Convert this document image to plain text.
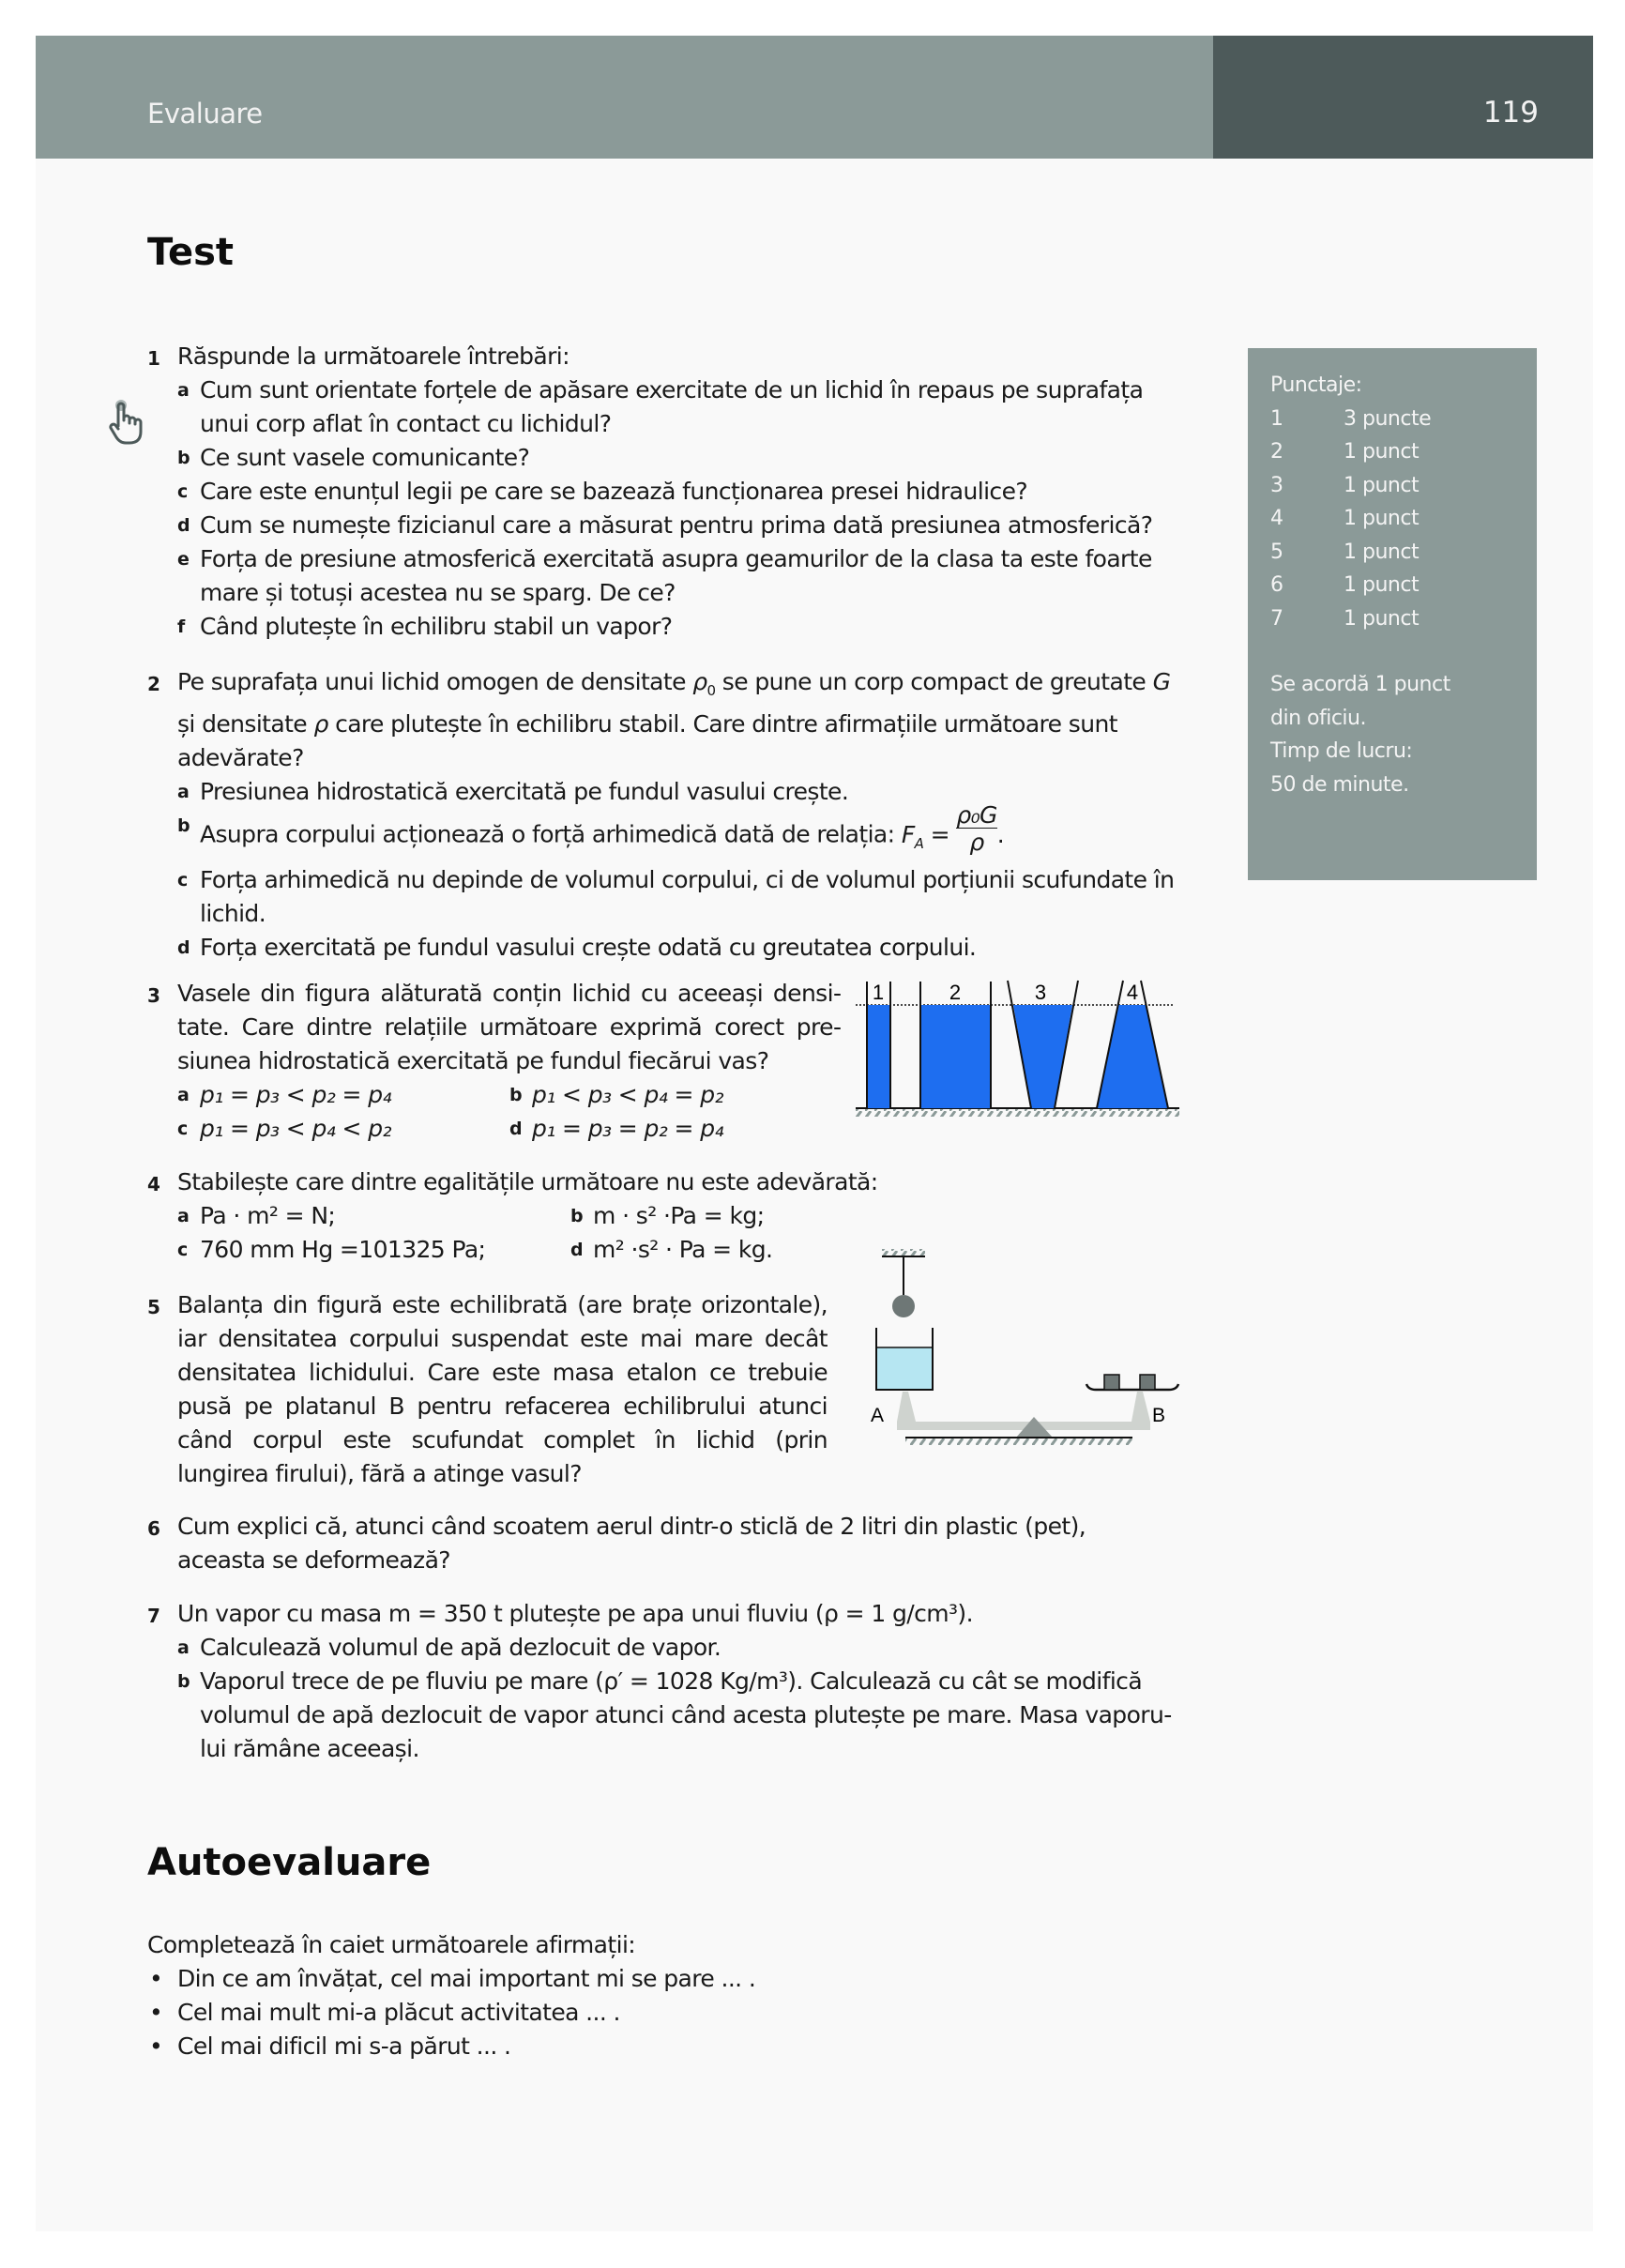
Evaluare	119
Test
1 Răspunde la următoarele întrebări:
a Cum sunt orientate forțele de apăsare exercitate de un lichid în repaus pe suprafața unui corp aflat în contact cu lichidul?
b Ce sunt vasele comunicante?
c Care este enunțul legii pe care se bazează funcționarea presei hidraulice?
d Cum se numește fizicianul care a măsurat pentru prima dată presiunea atmosferică?
e Forța de presiune atmosferică exercitată asupra geamurilor de la clasa ta este foarte mare și totuși acestea nu se sparg. De ce?
f Când plutește în echilibru stabil un vapor?
2 Pe suprafața unui lichid omogen de densitate $\rho_0$ se pune un corp compact de greutate G și densitate ρ care plutește în echilibru stabil. Care dintre afirmațiile următoare sunt adevărate?
a Presiunea hidrostatică exercitată pe fundul vasului crește.
b Asupra corpului acționează o forță arhimedică dată de relația: $F_A = \frac{\text{ρ₀G}}{\rho}$ .
c Forța arhimedică nu depinde de volumul corpului, ci de volumul porțiunii scufundate în lichid.
d Forța exercitată pe fundul vasului crește odată cu greutatea corpului.
3 Vasele din figura alăturată conțin lichid cu aceeași densitate. Care dintre relațiile următoare exprimă corect presiunea hidrostatică exercitată pe fundul fiecărui vas?
a p₁ = p₃ < p₂ = p₄	b p₁ < p₃ < p₄ = p₂
c p₁ = p₃ < p₄ < p₂	d p₁ = p₃ = p₂ = p₄
1	2	3	4
4 Stabilește care dintre egalitățile următoare nu este adevărată:
a Pa · m² = N;	b m · s² ·Pa = kg;
c 760 mm Hg =101325 Pa;	d m² ·s² · Pa = kg.
5 Balanța din figură este echilibrată (are brațe orizontale), iar densitatea corpului suspendat este mai mare decât densitatea lichidului. Care este masa etalon ce trebuie pusă pe platanul B pentru refacerea echilibrului atunci când corpul este scufundat complet în lichid (prin lungirea firului), fără a atinge vasul?
A	B
6 Cum explici că, atunci când scoatem aerul dintr-o sticlă de 2 litri din plastic (pet), aceasta se deformează?
7 Un vapor cu masa m = 350 t plutește pe apa unui fluviu (ρ = 1 g/cm³).
a Calculează volumul de apă dezlocuit de vapor.
b Vaporul trece de pe fluviu pe mare (ρ′ = 1028 Kg/m³). Calculează cu cât se modifică volumul de apă dezlocuit de vapor atunci când acesta plutește pe mare. Masa vaporului rămâne aceeași.
Punctaje:
1	3 puncte
2	1 punct
3	1 punct
4	1 punct
5	1 punct
6	1 punct
7	1 punct
Se acordă 1 punct
din oficiu.
Timp de lucru:
50 de minute.
Autoevaluare
Completează în caiet următoarele afirmații:
• Din ce am învățat, cel mai important mi se pare ... .
• Cel mai mult mi-a plăcut activitatea ... .
• Cel mai dificil mi s-a părut ... .
